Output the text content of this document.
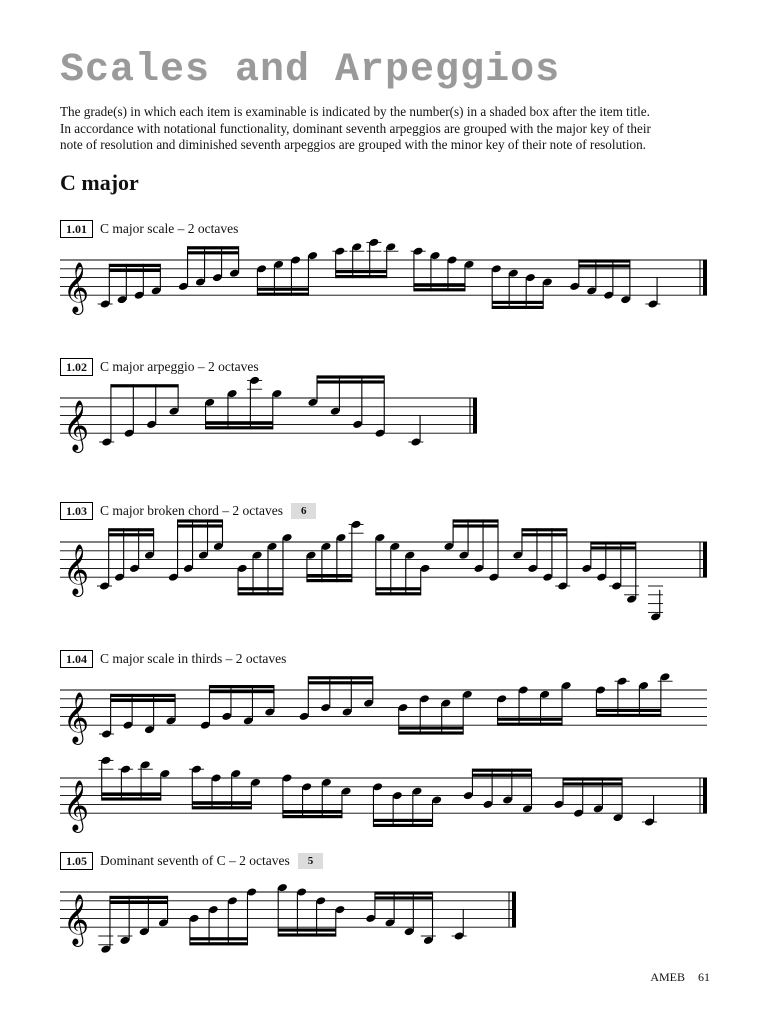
Scales and Arpeggios

The grade(s) in which each item is examinable is indicated by the number(s) in a shaded box after the item title.

In accordance with notational functionality, dominant seventh arpeggios are grouped with the major key of their

note of resolution and diminished seventh arpeggios are grouped with the minor key of their note of resolution.

C major
1.01 C major scale – 2 octaves
𝄞
1.02 C major arpeggio – 2 octaves
𝄞
1.03 C major broken chord – 2 octaves	6
𝄞
1.04 C major scale in thirds – 2 octaves
𝄞
𝄞
1.05 Dominant seventh of C – 2 octaves	5
𝄞
AMEB 61
